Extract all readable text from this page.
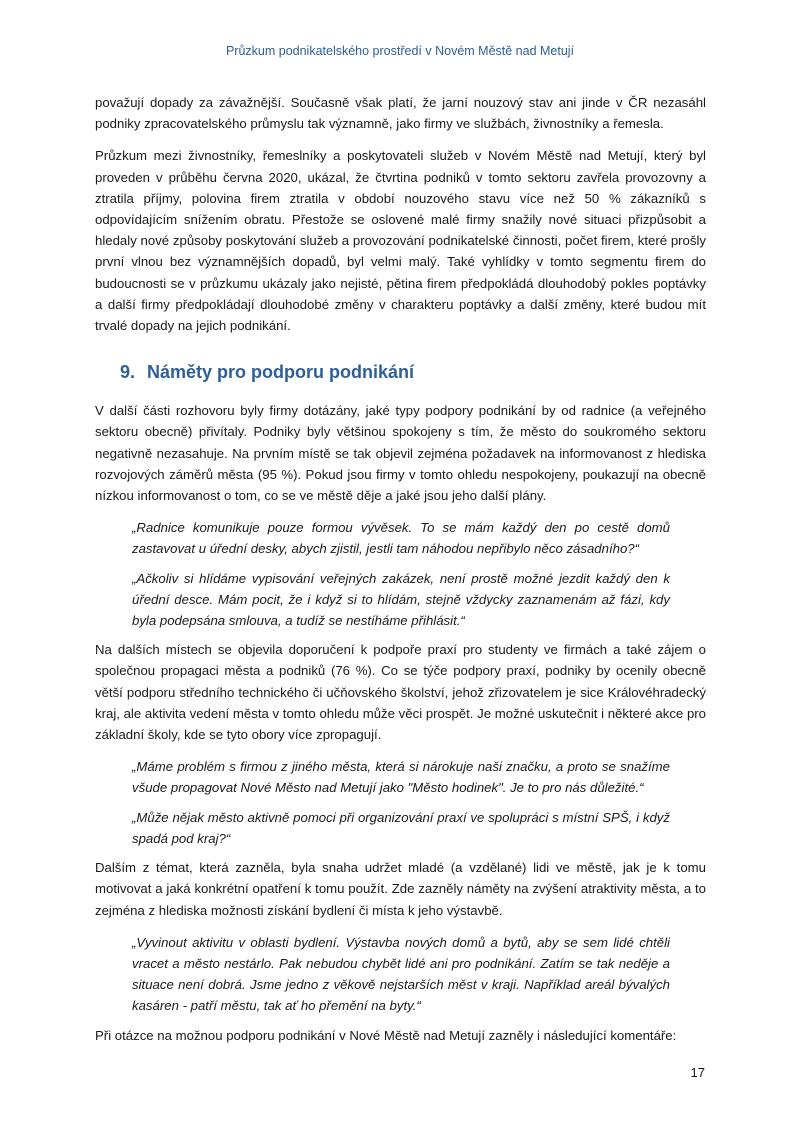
Průzkum podnikatelského prostředí v Novém Městě nad Metují

považují dopady za závažnější. Současně však platí, že jarní nouzový stav ani jinde v ČR nezasáhl podniky zpracovatelského průmyslu tak významně, jako firmy ve službách, živnostníky a řemesla.

Průzkum mezi živnostníky, řemeslníky a poskytovateli služeb v Novém Městě nad Metují, který byl proveden v průběhu června 2020, ukázal, že čtvrtina podniků v tomto sektoru zavřela provozovny a ztratila příjmy, polovina firem ztratila v období nouzového stavu více než 50 % zákazníků s odpovídajícím snížením obratu. Přestože se oslovené malé firmy snažily nové situaci přizpůsobit a hledaly nové způsoby poskytování služeb a provozování podnikatelské činnosti, počet firem, které prošly první vlnou bez významnějších dopadů, byl velmi malý. Také vyhlídky v tomto segmentu firem do budoucnosti se v průzkumu ukázaly jako nejisté, pětina firem předpokládá dlouhodobý pokles poptávky a další firmy předpokládají dlouhodobé změny v charakteru poptávky a další změny, které budou mít trvalé dopady na jejich podnikání.

9. Náměty pro podporu podnikání

V další části rozhovoru byly firmy dotázány, jaké typy podpory podnikání by od radnice (a veřejného sektoru obecně) přivítaly. Podniky byly většinou spokojeny s tím, že město do soukromého sektoru negativně nezasahuje. Na prvním místě se tak objevil zejména požadavek na informovanost z hlediska rozvojových záměrů města (95 %). Pokud jsou firmy v tomto ohledu nespokojeny, poukazují na obecně nízkou informovanost o tom, co se ve městě děje a jaké jsou jeho další plány.

„Radnice komunikuje pouze formou vývěsek. To se mám každý den po cestě domů zastavovat u úřední desky, abych zjistil, jestli tam náhodou nepřibylo něco zásadního?“
„Ačkoliv si hlídáme vypisování veřejných zakázek, není prostě možné jezdit každý den k úřední desce. Mám pocit, že i když si to hlídám, stejně vždycky zaznamenám až fázi, kdy byla podepsána smlouva, a tudíž se nestíháme přihlásit.“

Na dalších místech se objevila doporučení k podpoře praxí pro studenty ve firmách a také zájem o společnou propagaci města a podniků (76 %). Co se týče podpory praxí, podniky by ocenily obecně větší podporu středního technického či učňovského školství, jehož zřizovatelem je sice Královéhradecký kraj, ale aktivita vedení města v tomto ohledu může věci prospět. Je možné uskutečnit i některé akce pro základní školy, kde se tyto obory více zpropagují.

„Máme problém s firmou z jiného města, která si nárokuje naši značku, a proto se snažíme všude propagovat Nové Město nad Metují jako "Město hodinek". Je to pro nás důležité.“
„Může nějak město aktivně pomoci při organizování praxí ve spolupráci s místní SPŠ, i když spadá pod kraj?“

Dalším z témat, která zazněla, byla snaha udržet mladé (a vzdělané) lidi ve městě, jak je k tomu motivovat a jaká konkrétní opatření k tomu použít. Zde zazněly náměty na zvýšení atraktivity města, a to zejména z hlediska možnosti získání bydlení či místa k jeho výstavbě.

„Vyvinout aktivitu v oblasti bydlení. Výstavba nových domů a bytů, aby se sem lidé chtěli vracet a město nestárlo. Pak nebudou chybět lidé ani pro podnikání. Zatím se tak neděje a situace není dobrá. Jsme jedno z věkově nejstarších měst v kraji. Například areál bývalých kasáren - patří městu, tak ať ho přemění na byty.“

Při otázce na možnou podporu podnikání v Nové Městě nad Metují zazněly i následující komentáře:

17
